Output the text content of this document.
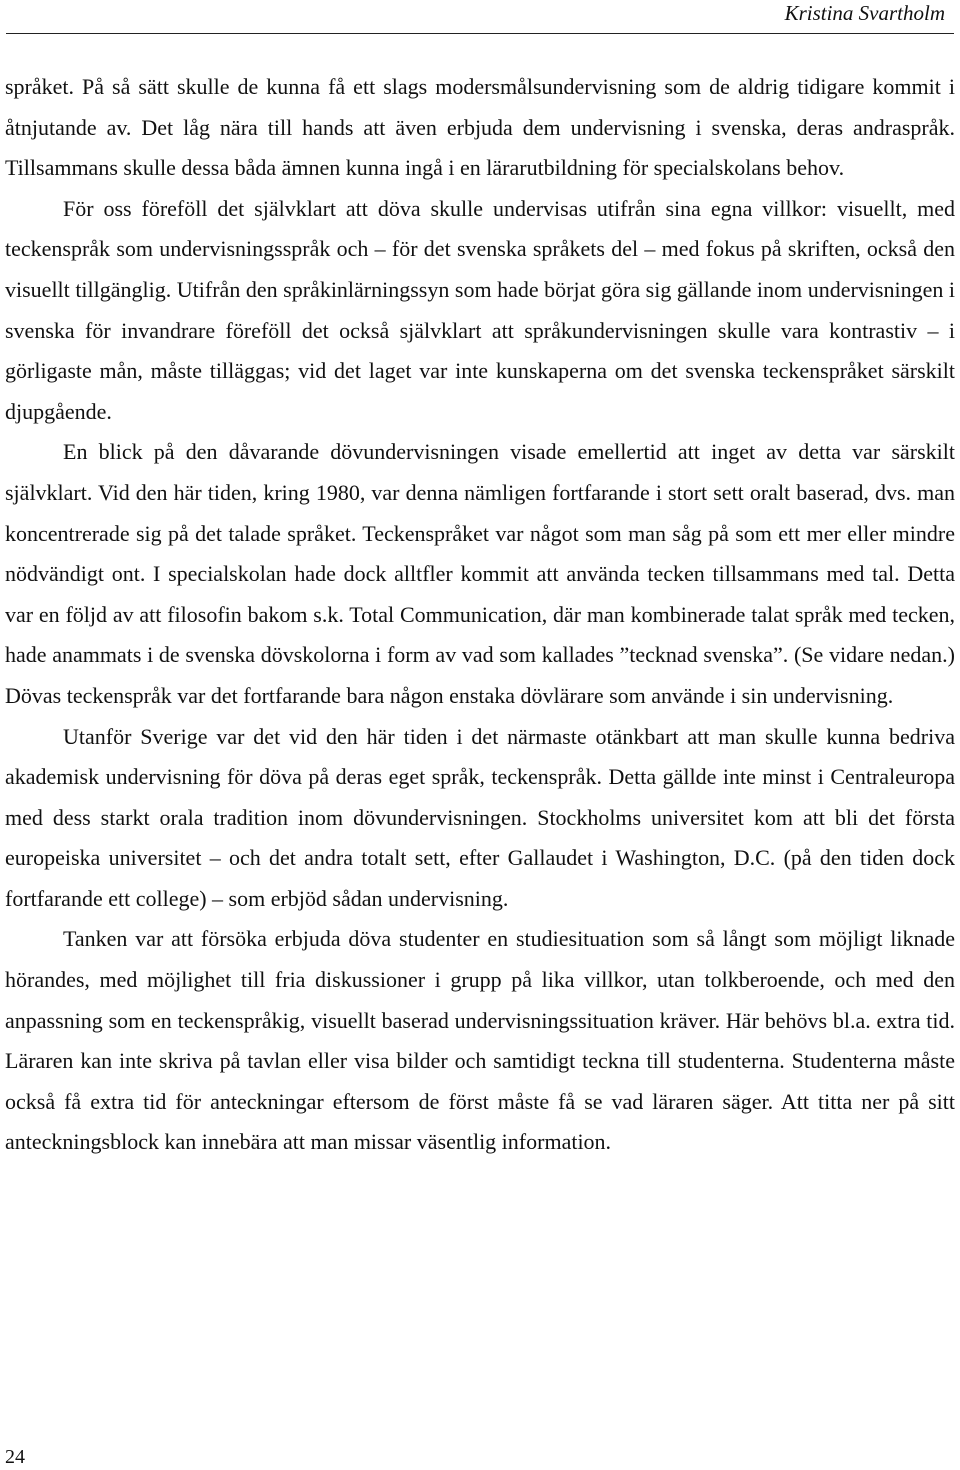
Kristina Svartholm

språket. På så sätt skulle de kunna få ett slags modersmålsundervisning som de aldrig tidigare kommit i åtnjutande av. Det låg nära till hands att även erbjuda dem undervisning i svenska, deras andraspråk. Tillsammans skulle dessa båda ämnen kunna ingå i en lärarutbildning för specialskolans behov.

För oss föreföll det självklart att döva skulle undervisas utifrån sina egna villkor: visuellt, med teckenspråk som undervisningsspråk och – för det svenska språkets del – med fokus på skriften, också den visuellt tillgänglig. Utifrån den språkinlärningssyn som hade börjat göra sig gällande inom undervisningen i svenska för invandrare föreföll det också självklart att språkundervisningen skulle vara kontrastiv – i görligaste mån, måste tilläggas; vid det laget var inte kunskaperna om det svenska teckenspråket särskilt djupgående.

En blick på den dåvarande dövundervisningen visade emellertid att inget av detta var särskilt självklart. Vid den här tiden, kring 1980, var denna nämligen fortfarande i stort sett oralt baserad, dvs. man koncentrerade sig på det talade språket. Teckenspråket var något som man såg på som ett mer eller mindre nödvändigt ont. I specialskolan hade dock alltfler kommit att använda tecken tillsammans med tal. Detta var en följd av att filosofin bakom s.k. Total Communication, där man kombinerade talat språk med tecken, hade anammats i de svenska dövskolorna i form av vad som kallades ”tecknad svenska”. (Se vidare nedan.) Dövas teckenspråk var det fortfarande bara någon enstaka dövlärare som använde i sin undervisning.

Utanför Sverige var det vid den här tiden i det närmaste otänkbart att man skulle kunna bedriva akademisk undervisning för döva på deras eget språk, teckenspråk. Detta gällde inte minst i Centraleuropa med dess starkt orala tradition inom dövundervisningen. Stockholms universitet kom att bli det första europeiska universitet – och det andra totalt sett, efter Gallaudet i Washington, D.C. (på den tiden dock fortfarande ett college) – som erbjöd sådan undervisning.

Tanken var att försöka erbjuda döva studenter en studiesituation som så långt som möjligt liknade hörandes, med möjlighet till fria diskussioner i grupp på lika villkor, utan tolkberoende, och med den anpassning som en teckenspråkig, visuellt baserad undervisningssituation kräver. Här behövs bl.a. extra tid. Läraren kan inte skriva på tavlan eller visa bilder och samtidigt teckna till studenterna. Studenterna måste också få extra tid för anteckningar eftersom de först måste få se vad läraren säger. Att titta ner på sitt anteckningsblock kan innebära att man missar väsentlig information.

24
